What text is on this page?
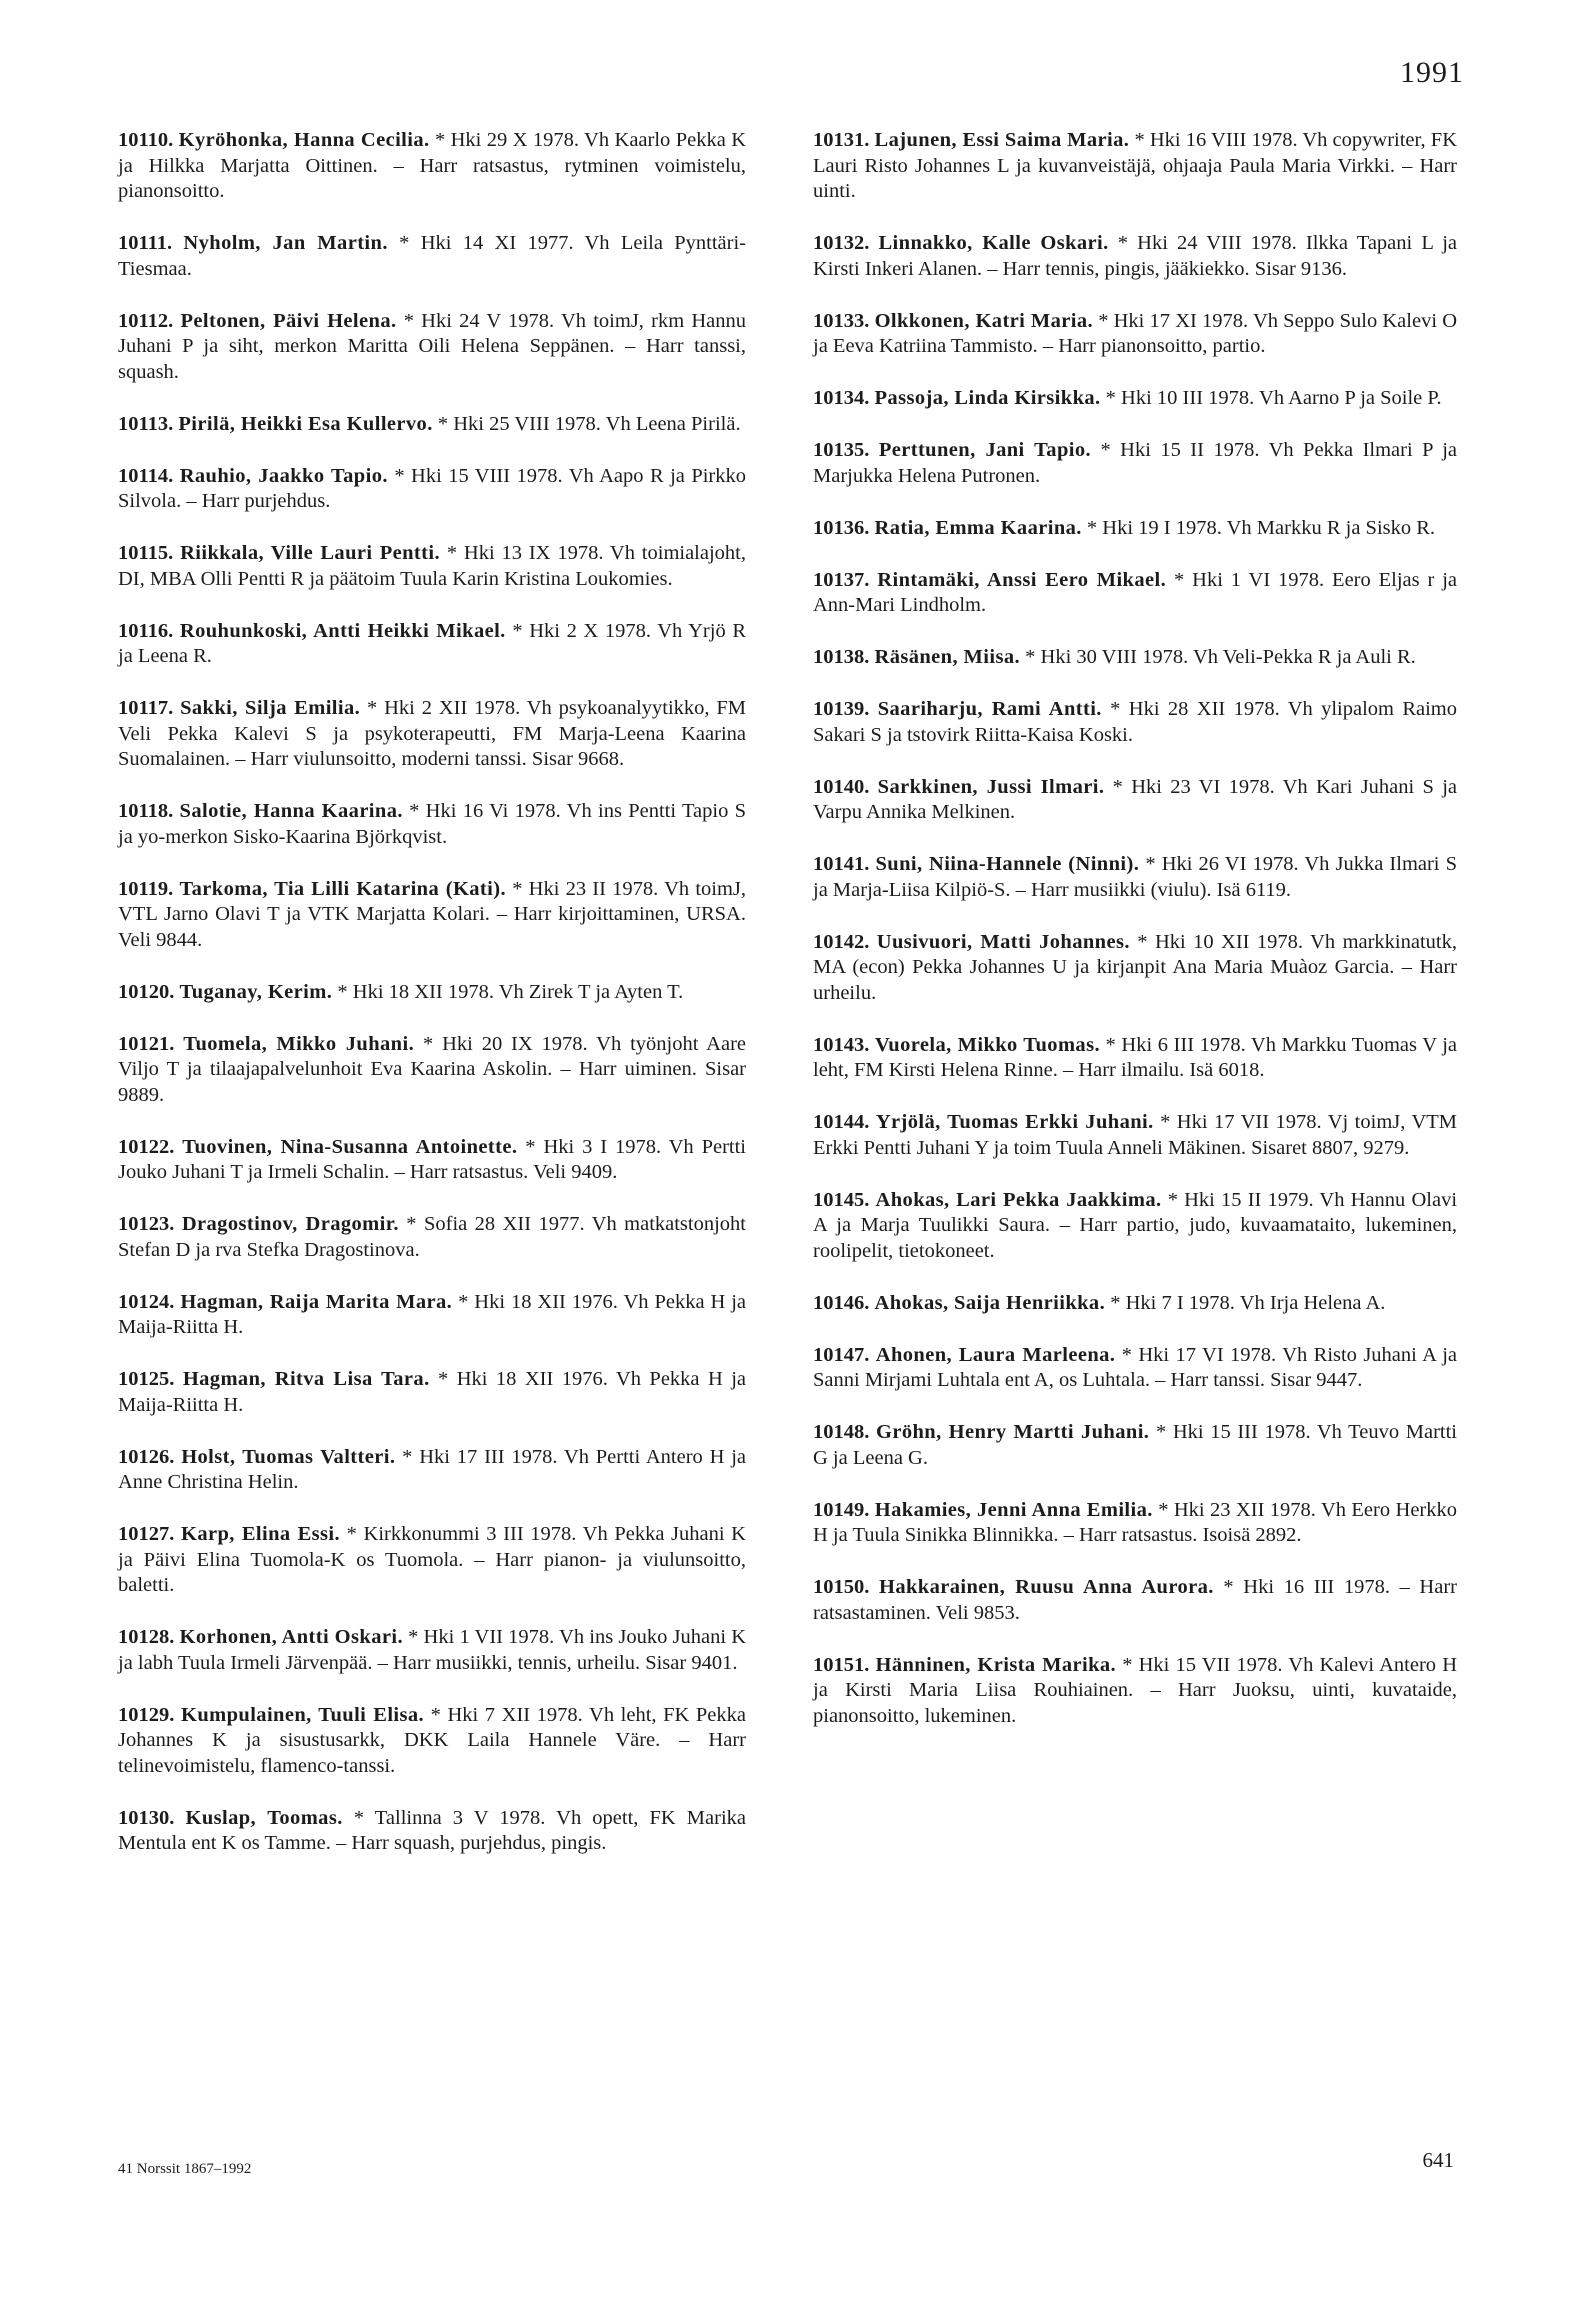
1991

10110. Kyröhonka, Hanna Cecilia. * Hki 29 X 1978. Vh Kaarlo Pekka K ja Hilkka Marjatta Oittinen. – Harr ratsastus, rytminen voimistelu, pianonsoitto.

10111. Nyholm, Jan Martin. * Hki 14 XI 1977. Vh Leila Pynttäri-Tiesmaa.

10112. Peltonen, Päivi Helena. * Hki 24 V 1978. Vh toimJ, rkm Hannu Juhani P ja siht, merkon Maritta Oili Helena Seppänen. – Harr tanssi, squash.

10113. Pirilä, Heikki Esa Kullervo. * Hki 25 VIII 1978. Vh Leena Pirilä.

10114. Rauhio, Jaakko Tapio. * Hki 15 VIII 1978. Vh Aapo R ja Pirkko Silvola. – Harr purjehdus.

10115. Riikkala, Ville Lauri Pentti. * Hki 13 IX 1978. Vh toimialajoht, DI, MBA Olli Pentti R ja päätoim Tuula Karin Kristina Loukomies.

10116. Rouhunkoski, Antti Heikki Mikael. * Hki 2 X 1978. Vh Yrjö R ja Leena R.

10117. Sakki, Silja Emilia. * Hki 2 XII 1978. Vh psykoanalyytikko, FM Veli Pekka Kalevi S ja psykoterapeutti, FM Marja-Leena Kaarina Suomalainen. – Harr viulunsoitto, moderni tanssi. Sisar 9668.

10118. Salotie, Hanna Kaarina. * Hki 16 Vi 1978. Vh ins Pentti Tapio S ja yo-merkon Sisko-Kaarina Björkqvist.

10119. Tarkoma, Tia Lilli Katarina (Kati). * Hki 23 II 1978. Vh toimJ, VTL Jarno Olavi T ja VTK Marjatta Kolari. – Harr kirjoittaminen, URSA. Veli 9844.

10120. Tuganay, Kerim. * Hki 18 XII 1978. Vh Zirek T ja Ayten T.

10121. Tuomela, Mikko Juhani. * Hki 20 IX 1978. Vh työnjoht Aare Viljo T ja tilaajapalvelunhoit Eva Kaarina Askolin. – Harr uiminen. Sisar 9889.

10122. Tuovinen, Nina-Susanna Antoinette. * Hki 3 I 1978. Vh Pertti Jouko Juhani T ja Irmeli Schalin. – Harr ratsastus. Veli 9409.

10123. Dragostinov, Dragomir. * Sofia 28 XII 1977. Vh matkatstonjoht Stefan D ja rva Stefka Dragostinova.

10124. Hagman, Raija Marita Mara. * Hki 18 XII 1976. Vh Pekka H ja Maija-Riitta H.

10125. Hagman, Ritva Lisa Tara. * Hki 18 XII 1976. Vh Pekka H ja Maija-Riitta H.

10126. Holst, Tuomas Valtteri. * Hki 17 III 1978. Vh Pertti Antero H ja Anne Christina Helin.

10127. Karp, Elina Essi. * Kirkkonummi 3 III 1978. Vh Pekka Juhani K ja Päivi Elina Tuomola-K os Tuomola. – Harr pianon- ja viulunsoitto, baletti.

10128. Korhonen, Antti Oskari. * Hki 1 VII 1978. Vh ins Jouko Juhani K ja labh Tuula Irmeli Järvenpää. – Harr musiikki, tennis, urheilu. Sisar 9401.

10129. Kumpulainen, Tuuli Elisa. * Hki 7 XII 1978. Vh leht, FK Pekka Johannes K ja sisustusarkk, DKK Laila Hannele Väre. – Harr telinevoimistelu, flamenco-tanssi.

10130. Kuslap, Toomas. * Tallinna 3 V 1978. Vh opett, FK Marika Mentula ent K os Tamme. – Harr squash, purjehdus, pingis.

10131. Lajunen, Essi Saima Maria. * Hki 16 VIII 1978. Vh copywriter, FK Lauri Risto Johannes L ja kuvanveistäjä, ohjaaja Paula Maria Virkki. – Harr uinti.

10132. Linnakko, Kalle Oskari. * Hki 24 VIII 1978. Ilkka Tapani L ja Kirsti Inkeri Alanen. – Harr tennis, pingis, jääkiekko. Sisar 9136.

10133. Olkkonen, Katri Maria. * Hki 17 XI 1978. Vh Seppo Sulo Kalevi O ja Eeva Katriina Tammisto. – Harr pianonsoitto, partio.

10134. Passoja, Linda Kirsikka. * Hki 10 III 1978. Vh Aarno P ja Soile P.

10135. Perttunen, Jani Tapio. * Hki 15 II 1978. Vh Pekka Ilmari P ja Marjukka Helena Putronen.

10136. Ratia, Emma Kaarina. * Hki 19 I 1978. Vh Markku R ja Sisko R.

10137. Rintamäki, Anssi Eero Mikael. * Hki 1 VI 1978. Eero Eljas r ja Ann-Mari Lindholm.

10138. Räsänen, Miisa. * Hki 30 VIII 1978. Vh Veli-Pekka R ja Auli R.

10139. Saariharju, Rami Antti. * Hki 28 XII 1978. Vh ylipalom Raimo Sakari S ja tstovirk Riitta-Kaisa Koski.

10140. Sarkkinen, Jussi Ilmari. * Hki 23 VI 1978. Vh Kari Juhani S ja Varpu Annika Melkinen.

10141. Suni, Niina-Hannele (Ninni). * Hki 26 VI 1978. Vh Jukka Ilmari S ja Marja-Liisa Kilpiö-S. – Harr musiikki (viulu). Isä 6119.

10142. Uusivuori, Matti Johannes. * Hki 10 XII 1978. Vh markkinatutk, MA (econ) Pekka Johannes U ja kirjanpit Ana Maria Muàoz Garcia. – Harr urheilu.

10143. Vuorela, Mikko Tuomas. * Hki 6 III 1978. Vh Markku Tuomas V ja leht, FM Kirsti Helena Rinne. – Harr ilmailu. Isä 6018.

10144. Yrjölä, Tuomas Erkki Juhani. * Hki 17 VII 1978. Vj toimJ, VTM Erkki Pentti Juhani Y ja toim Tuula Anneli Mäkinen. Sisaret 8807, 9279.

10145. Ahokas, Lari Pekka Jaakkima. * Hki 15 II 1979. Vh Hannu Olavi A ja Marja Tuulikki Saura. – Harr partio, judo, kuvaamataito, lukeminen, roolipelit, tietokoneet.

10146. Ahokas, Saija Henriikka. * Hki 7 I 1978. Vh Irja Helena A.

10147. Ahonen, Laura Marleena. * Hki 17 VI 1978. Vh Risto Juhani A ja Sanni Mirjami Luhtala ent A, os Luhtala. – Harr tanssi. Sisar 9447.

10148. Gröhn, Henry Martti Juhani. * Hki 15 III 1978. Vh Teuvo Martti G ja Leena G.

10149. Hakamies, Jenni Anna Emilia. * Hki 23 XII 1978. Vh Eero Herkko H ja Tuula Sinikka Blinnikka. – Harr ratsastus. Isoisä 2892.

10150. Hakkarainen, Ruusu Anna Aurora. * Hki 16 III 1978. – Harr ratsastaminen. Veli 9853.

10151. Hänninen, Krista Marika. * Hki 15 VII 1978. Vh Kalevi Antero H ja Kirsti Maria Liisa Rouhiainen. – Harr Juoksu, uinti, kuvataide, pianonsoitto, lukeminen.

41 Norssit 1867–1992	641
